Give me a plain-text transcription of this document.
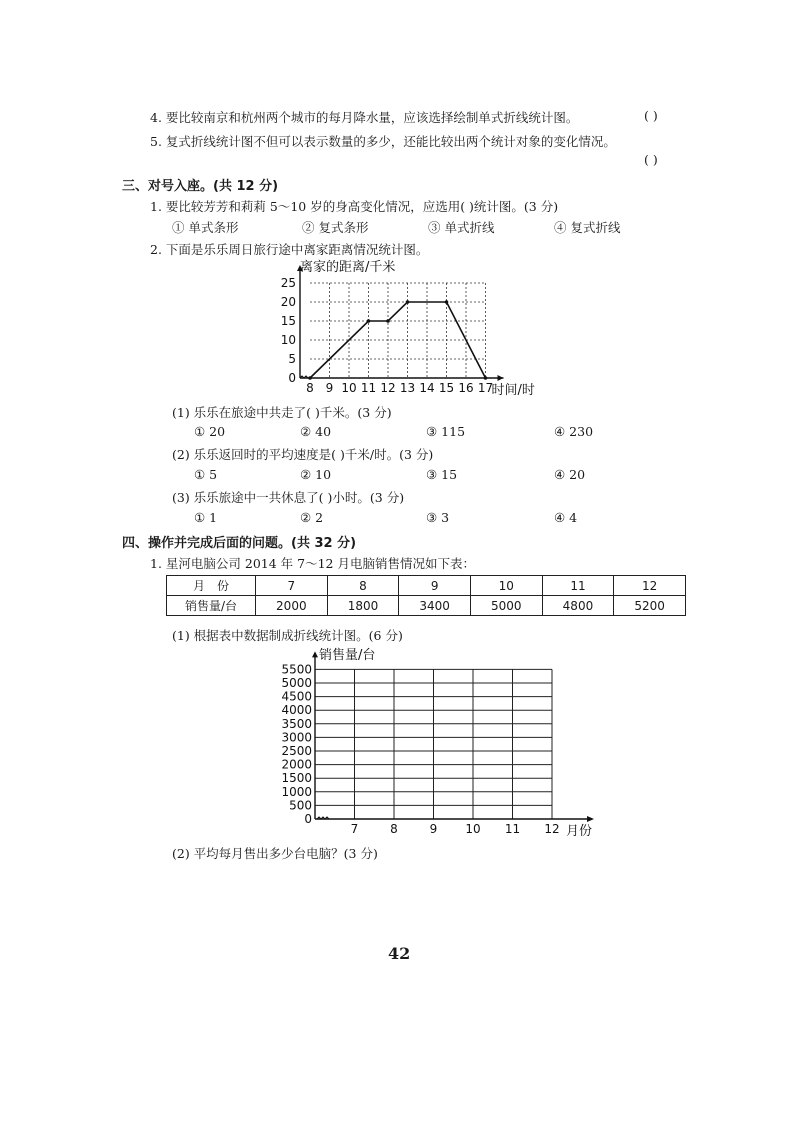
4. 要比较南京和杭州两个城市的每月降水量，应该选择绘制单式折线统计图。	( )
5. 复式折线统计图不但可以表示数量的多少，还能比较出两个统计对象的变化情况。
( )
三、对号入座。(共 12 分)
1. 要比较芳芳和莉莉 5～10 岁的身高变化情况，应选用( )统计图。(3 分)
① 单式条形	② 复式条形	③ 单式折线	④ 复式折线
2. 下面是乐乐周日旅行途中离家距离情况统计图。
0
5
10
15
20
25
8 9 10 11 12 13 14 15 16 17
离家的距离/千米
时间/时
(1) 乐乐在旅途中共走了( )千米。(3 分)
① 20	② 40	③ 115	④ 230
(2) 乐乐返回时的平均速度是( )千米/时。(3 分)
① 5	② 10	③ 15	④ 20
(3) 乐乐旅途中一共休息了( )小时。(3 分)
① 1	② 2	③ 3	④ 4
四、操作并完成后面的问题。(共 32 分)
1. 星河电脑公司 2014 年 7～12 月电脑销售情况如下表：
月　份	7	8	9	10	11	12
销售量/台	2000	1800	3400	5000	4800	5200
(1) 根据表中数据制成折线统计图。(6 分)
0
500
1000
1500
2000
2500
3000
3500
4000
4500
5000
5500
7	8	9 10 11 12
销售量/台
月份
(2) 平均每月售出多少台电脑？(3 分)
42
